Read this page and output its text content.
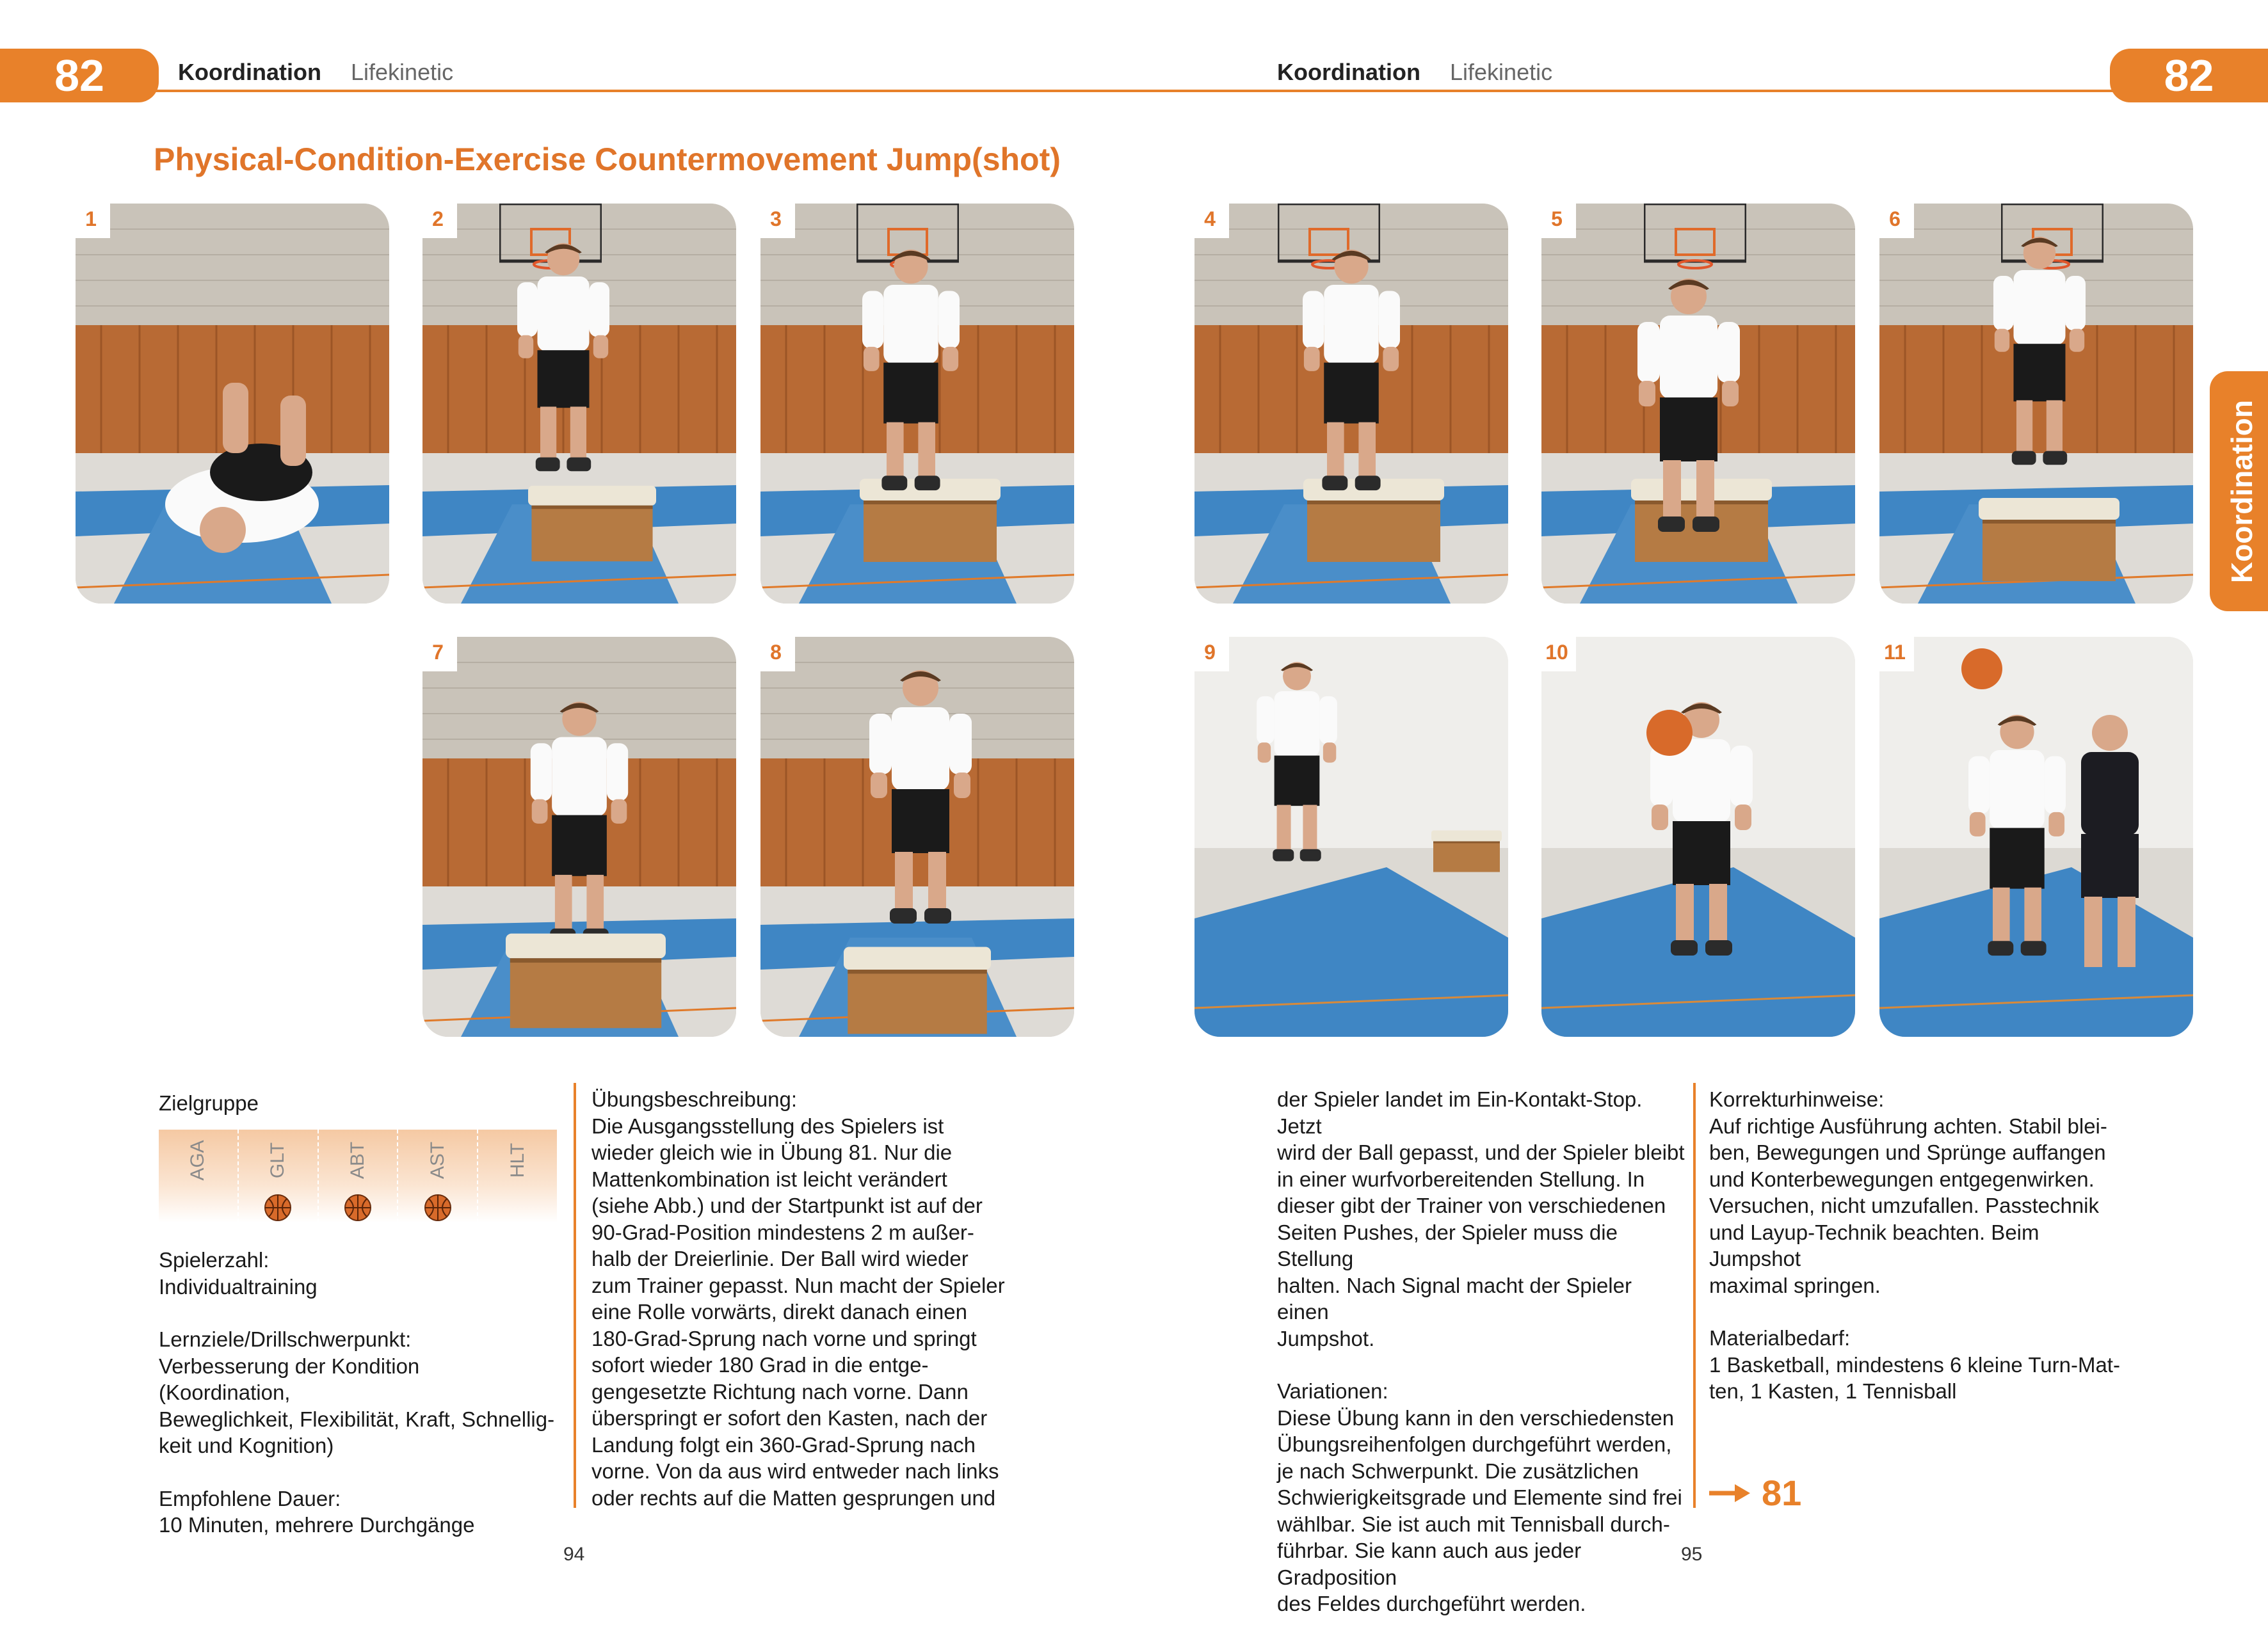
82	Koordination Lifekinetic	Koordination Lifekinetic	82
Physical-Condition-Exercise Countermovement Jump(shot)
1	2	3	4	5	6
7	8	9	10	11
Koordination
Zielgruppe
AGA	GLT	ABT	AST	HLT
Spielerzahl:
Individualtraining
Lernziele/Drillschwerpunkt:
Verbesserung der Kondition (Koordination,
Beweglichkeit, Flexibilität, Kraft, Schnellig-
keit und Kognition)
Empfohlene Dauer:
10 Minuten, mehrere Durchgänge
Übungsbeschreibung:
Die Ausgangsstellung des Spielers ist
wieder gleich wie in Übung 81. Nur die
Mattenkombination ist leicht verändert
(siehe Abb.) und der Startpunkt ist auf der
90-Grad-Position mindestens 2 m außer-
halb der Dreierlinie. Der Ball wird wieder
zum Trainer gepasst. Nun macht der Spieler
eine Rolle vorwärts, direkt danach einen
180-Grad-Sprung nach vorne und springt
sofort wieder 180 Grad in die entge-
gengesetzte Richtung nach vorne. Dann
überspringt er sofort den Kasten, nach der
Landung folgt ein 360-Grad-Sprung nach
vorne. Von da aus wird entweder nach links
oder rechts auf die Matten gesprungen und
der Spieler landet im Ein-Kontakt-Stop. Jetzt
wird der Ball gepasst, und der Spieler bleibt
in einer wurfvorbereitenden Stellung. In
dieser gibt der Trainer von verschiedenen
Seiten Pushes, der Spieler muss die Stellung
halten. Nach Signal macht der Spieler einen
Jumpshot.
Variationen:
Diese Übung kann in den verschiedensten
Übungsreihenfolgen durchgeführt werden,
je nach Schwerpunkt. Die zusätzlichen
Schwierigkeitsgrade und Elemente sind frei
wählbar. Sie ist auch mit Tennisball durch-
führbar. Sie kann auch aus jeder Gradposition
des Feldes durchgeführt werden.
Korrekturhinweise:
Auf richtige Ausführung achten. Stabil blei-
ben, Bewegungen und Sprünge auffangen
und Konterbewegungen entgegenwirken.
Versuchen, nicht umzufallen. Passtechnik
und Layup-Technik beachten. Beim Jumpshot
maximal springen.
Materialbedarf:
1 Basketball, mindestens 6 kleine Turn-Mat-
ten, 1 Kasten, 1 Tennisball
81
94	95
